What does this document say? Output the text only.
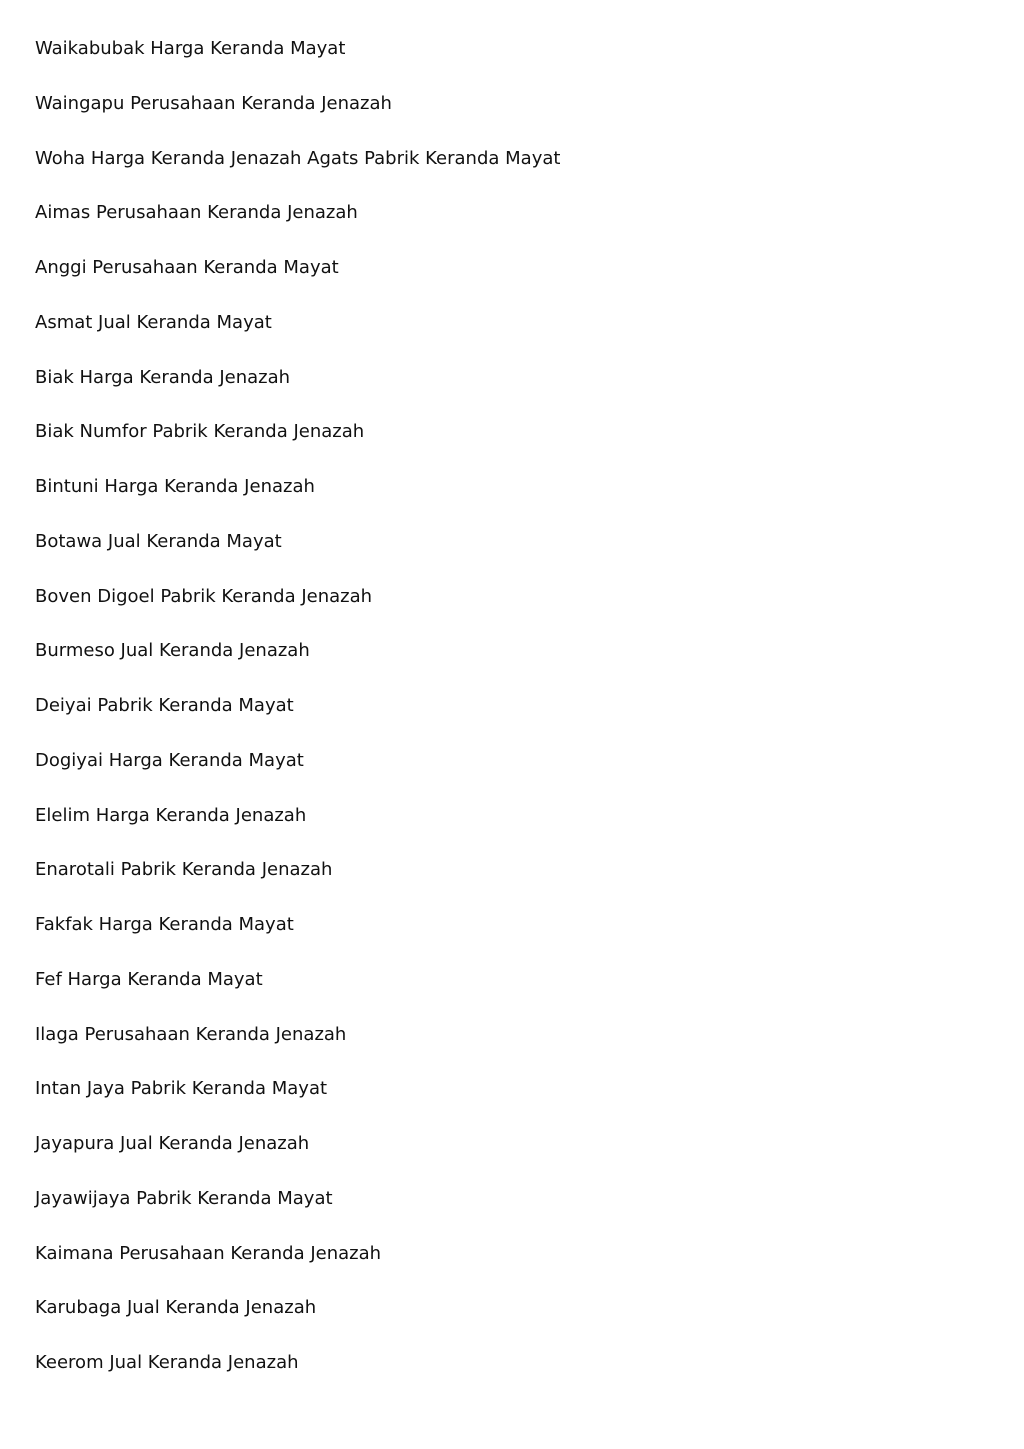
Waikabubak Harga Keranda Mayat
Waingapu Perusahaan Keranda Jenazah
Woha Harga Keranda Jenazah Agats Pabrik Keranda Mayat
Aimas Perusahaan Keranda Jenazah
Anggi Perusahaan Keranda Mayat
Asmat Jual Keranda Mayat
Biak Harga Keranda Jenazah
Biak Numfor Pabrik Keranda Jenazah
Bintuni Harga Keranda Jenazah
Botawa Jual Keranda Mayat
Boven Digoel Pabrik Keranda Jenazah
Burmeso Jual Keranda Jenazah
Deiyai Pabrik Keranda Mayat
Dogiyai Harga Keranda Mayat
Elelim Harga Keranda Jenazah
Enarotali Pabrik Keranda Jenazah
Fakfak Harga Keranda Mayat
Fef Harga Keranda Mayat
Ilaga Perusahaan Keranda Jenazah
Intan Jaya Pabrik Keranda Mayat
Jayapura Jual Keranda Jenazah
Jayawijaya Pabrik Keranda Mayat
Kaimana Perusahaan Keranda Jenazah
Karubaga Jual Keranda Jenazah
Keerom Jual Keranda Jenazah
